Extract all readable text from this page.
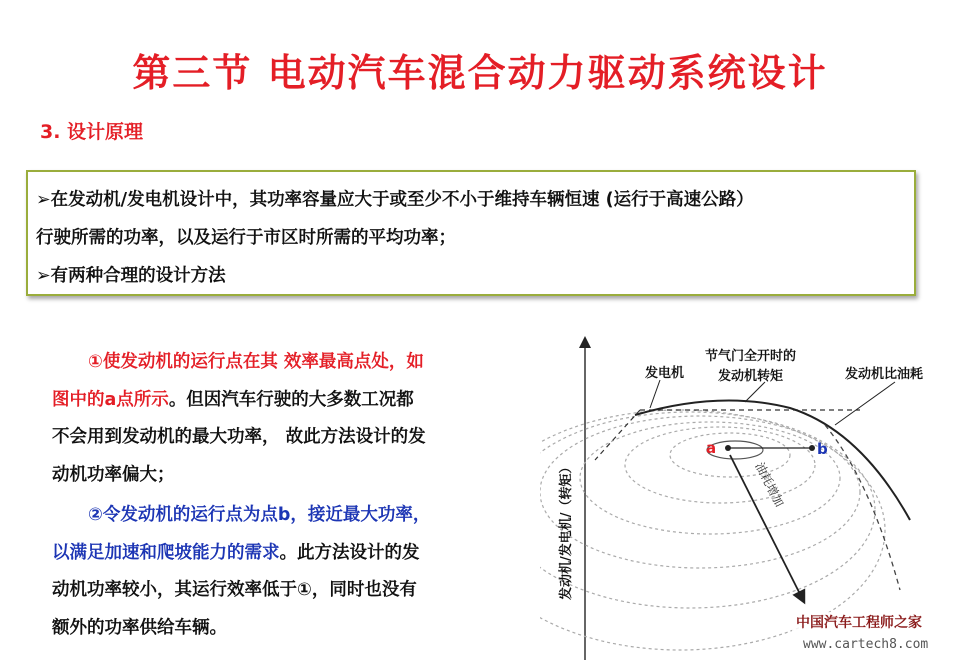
第三节 电动汽车混合动力驱动系统设计
3. 设计原理
➢在发动机/发电机设计中，其功率容量应大于或至少不小于维持车辆恒速 (运行于高速公路）
行驶所需的功率，以及运行于市区时所需的平均功率；
➢有两种合理的设计方法
①使发动机的运行点在其 效率最高点处，如
图中的a点所示。但因汽车行驶的大多数工况都
不会用到发动机的最大功率， 故此方法设计的发
动机功率偏大；
②令发动机的运行点为点b，接近最大功率，
以满足加速和爬坡能力的需求。此方法设计的发
动机功率较小，其运行效率低于①，同时也没有
额外的功率供给车辆。
发动机/发电机/（转矩）
发电机
节气门全开时的
发动机转矩	发动机比油耗
a	b
油耗增加
中国汽车工程师之家
www.cartech8.com
